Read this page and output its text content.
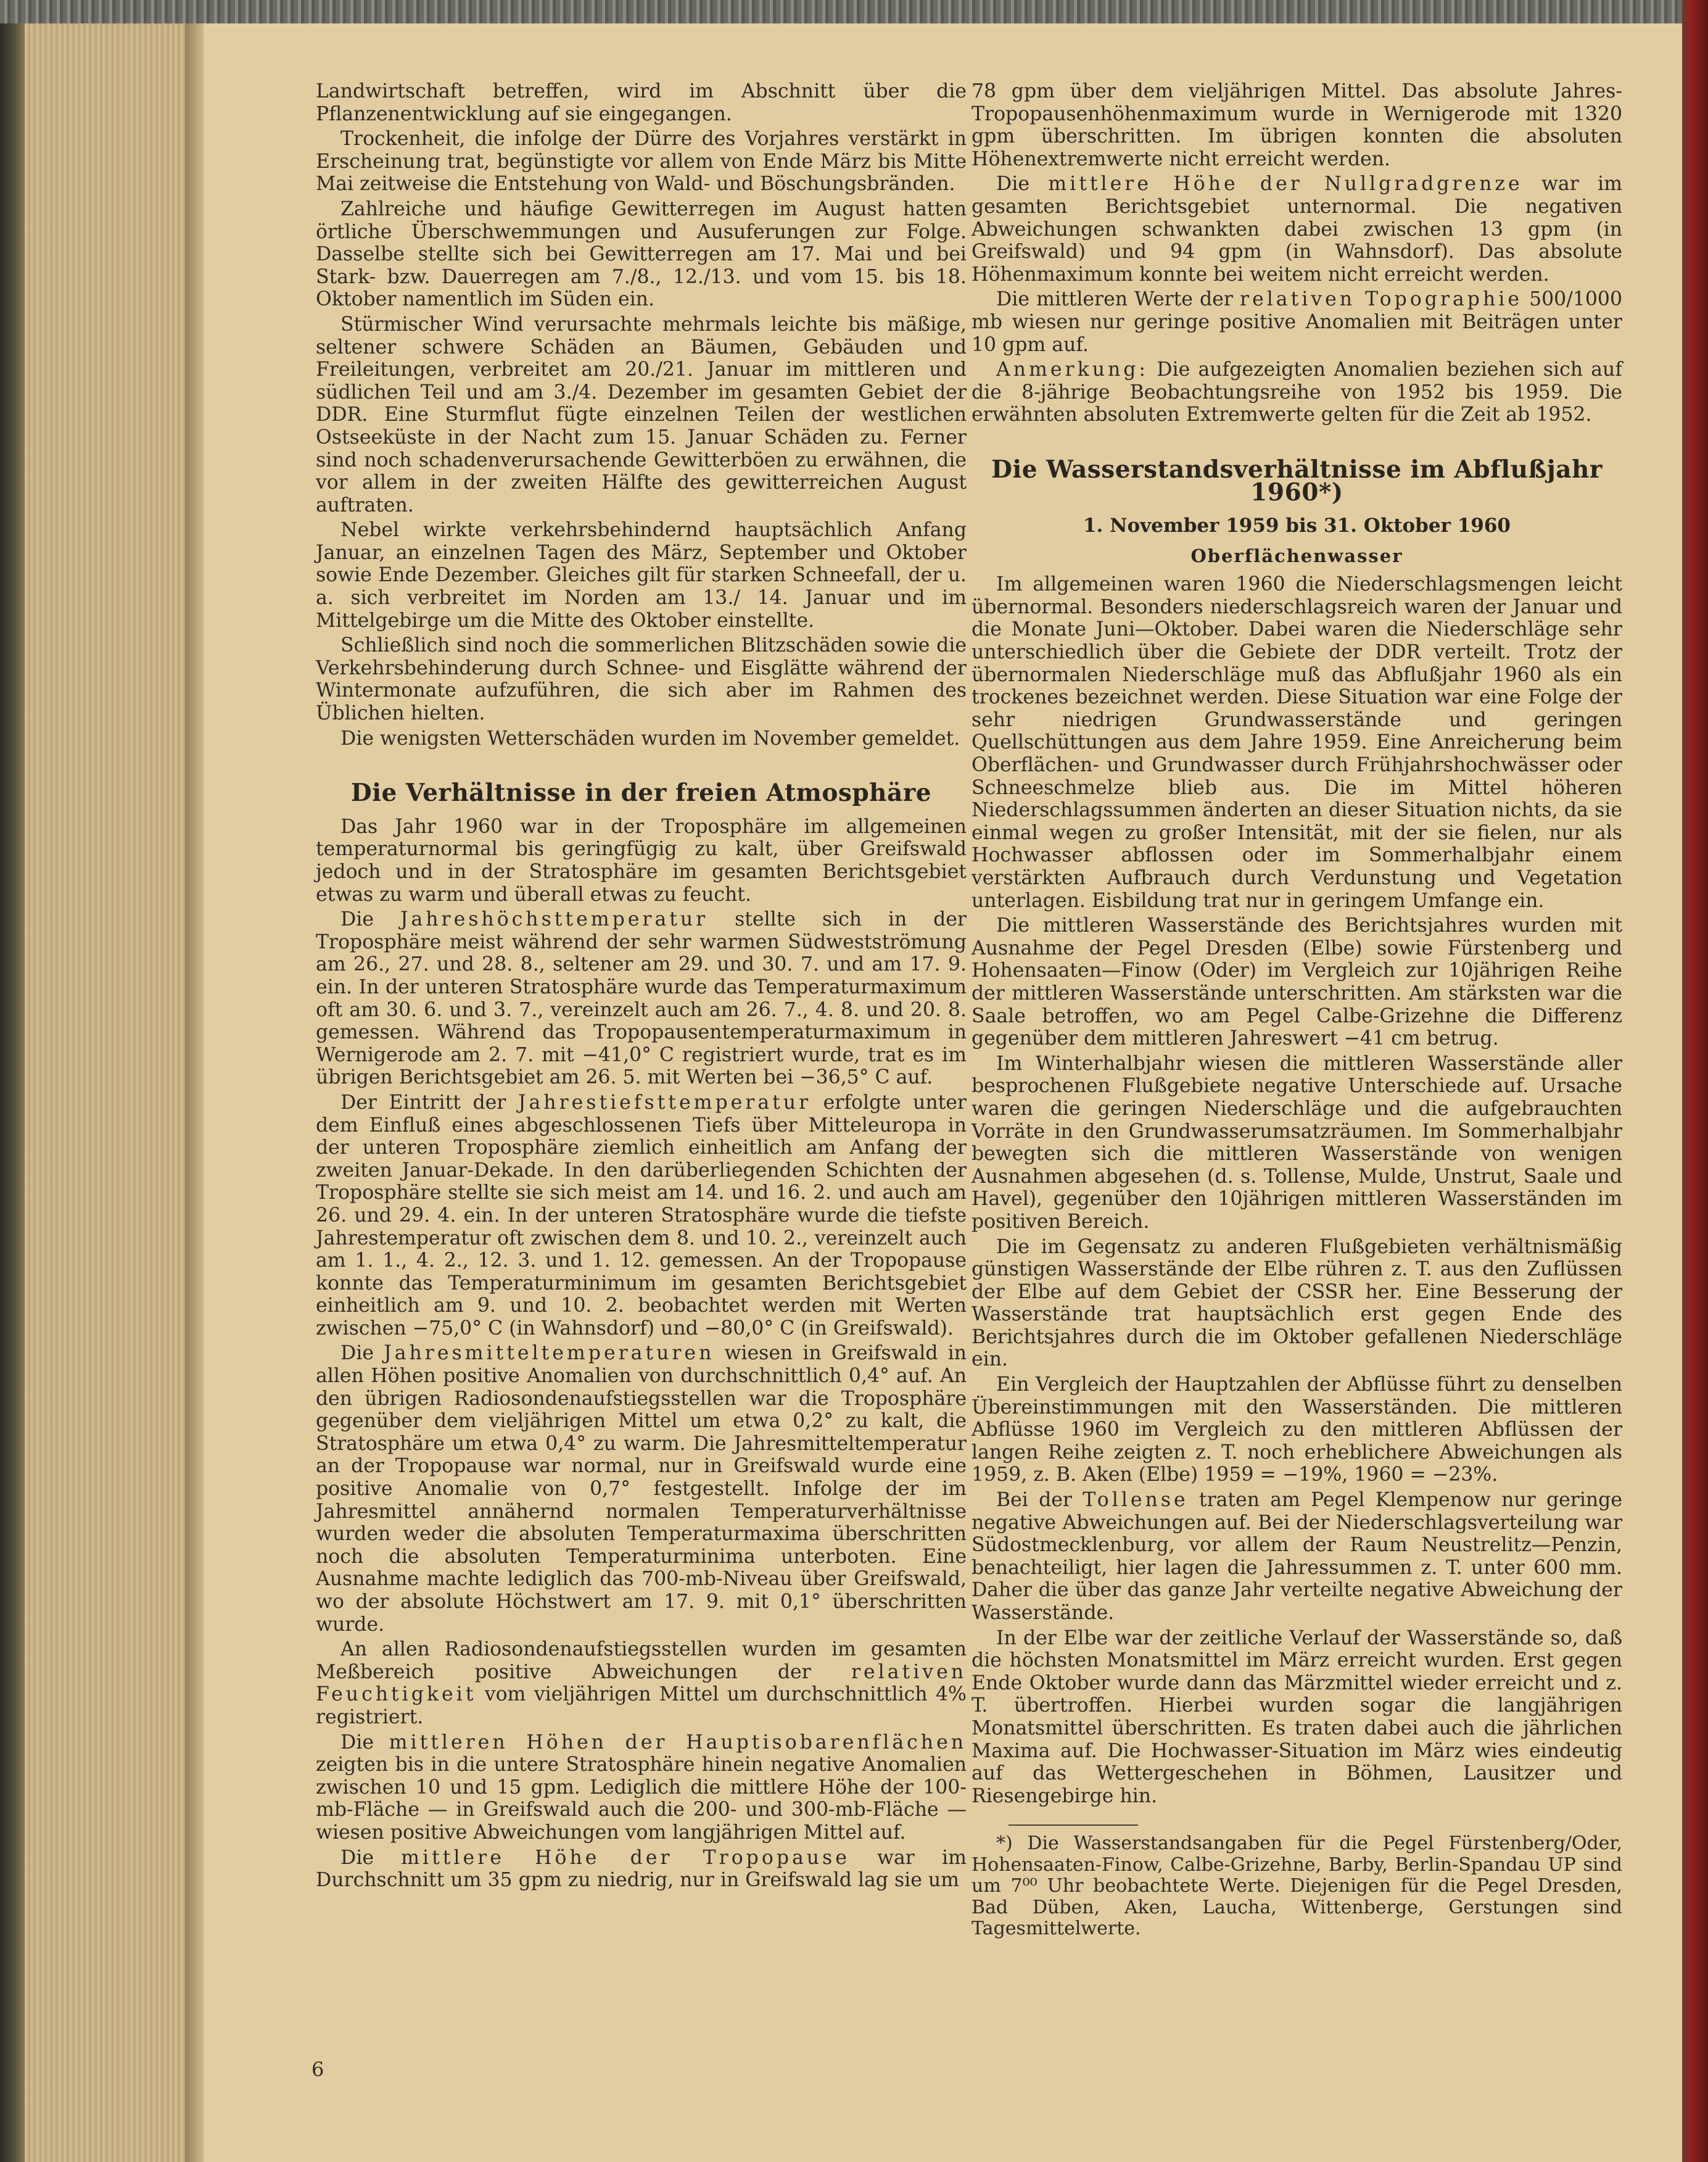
Landwirtschaft betreffen, wird im Abschnitt über die Pflanzenentwicklung auf sie eingegangen.

Trockenheit, die infolge der Dürre des Vorjahres verstärkt in Erscheinung trat, begünstigte vor allem von Ende März bis Mitte Mai zeitweise die Entstehung von Wald- und Böschungsbränden.

Zahlreiche und häufige Gewitterregen im August hatten örtliche Überschwemmungen und Ausuferungen zur Folge. Dasselbe stellte sich bei Gewitterregen am 17. Mai und bei Stark- bzw. Dauerregen am 7./8., 12./13. und vom 15. bis 18. Oktober namentlich im Süden ein.

Stürmischer Wind verursachte mehrmals leichte bis mäßige, seltener schwere Schäden an Bäumen, Gebäuden und Freileitungen, verbreitet am 20./21. Januar im mittleren und südlichen Teil und am 3./4. Dezember im gesamten Gebiet der DDR. Eine Sturmflut fügte einzelnen Teilen der westlichen Ostseeküste in der Nacht zum 15. Januar Schäden zu. Ferner sind noch schadenverursachende Gewitterböen zu erwähnen, die vor allem in der zweiten Hälfte des gewitterreichen August auftraten.

Nebel wirkte verkehrsbehindernd hauptsächlich Anfang Januar, an einzelnen Tagen des März, September und Oktober sowie Ende Dezember. Gleiches gilt für starken Schneefall, der u. a. sich verbreitet im Norden am 13./ 14. Januar und im Mittelgebirge um die Mitte des Oktober einstellte.

Schließlich sind noch die sommerlichen Blitzschäden sowie die Verkehrsbehinderung durch Schnee- und Eisglätte während der Wintermonate aufzuführen, die sich aber im Rahmen des Üblichen hielten.

Die wenigsten Wetterschäden wurden im November gemeldet.

Die Verhältnisse in der freien Atmosphäre

Das Jahr 1960 war in der Troposphäre im allgemeinen temperaturnormal bis geringfügig zu kalt, über Greifswald jedoch und in der Stratosphäre im gesamten Berichtsgebiet etwas zu warm und überall etwas zu feucht.

Die Jahreshöchsttemperatur stellte sich in der Troposphäre meist während der sehr warmen Südwestströmung am 26., 27. und 28. 8., seltener am 29. und 30. 7. und am 17. 9. ein. In der unteren Stratosphäre wurde das Temperaturmaximum oft am 30. 6. und 3. 7., vereinzelt auch am 26. 7., 4. 8. und 20. 8. gemessen. Während das Tropopausentemperaturmaximum in Wernigerode am 2. 7. mit −41,0° C registriert wurde, trat es im übrigen Berichtsgebiet am 26. 5. mit Werten bei −36,5° C auf.

Der Eintritt der Jahrestiefsttemperatur erfolgte unter dem Einfluß eines abgeschlossenen Tiefs über Mitteleuropa in der unteren Troposphäre ziemlich einheitlich am Anfang der zweiten Januar-Dekade. In den darüberliegenden Schichten der Troposphäre stellte sie sich meist am 14. und 16. 2. und auch am 26. und 29. 4. ein. In der unteren Stratosphäre wurde die tiefste Jahrestemperatur oft zwischen dem 8. und 10. 2., vereinzelt auch am 1. 1., 4. 2., 12. 3. und 1. 12. gemessen. An der Tropopause konnte das Temperaturminimum im gesamten Berichtsgebiet einheitlich am 9. und 10. 2. beobachtet werden mit Werten zwischen −75,0° C (in Wahnsdorf) und −80,0° C (in Greifswald).

Die Jahresmitteltemperaturen wiesen in Greifswald in allen Höhen positive Anomalien von durchschnittlich 0,4° auf. An den übrigen Radiosondenaufstiegsstellen war die Troposphäre gegenüber dem vieljährigen Mittel um etwa 0,2° zu kalt, die Stratosphäre um etwa 0,4° zu warm. Die Jahresmitteltemperatur an der Tropopause war normal, nur in Greifswald wurde eine positive Anomalie von 0,7° festgestellt. Infolge der im Jahresmittel annähernd normalen Temperaturverhältnisse wurden weder die absoluten Temperaturmaxima überschritten noch die absoluten Temperaturminima unterboten. Eine Ausnahme machte lediglich das 700-mb-Niveau über Greifswald, wo der absolute Höchstwert am 17. 9. mit 0,1° überschritten wurde.

An allen Radiosondenaufstiegsstellen wurden im gesamten Meßbereich positive Abweichungen der relativen Feuchtigkeit vom vieljährigen Mittel um durchschnittlich 4% registriert.

Die mittleren Höhen der Hauptisobarenflächen zeigten bis in die untere Stratosphäre hinein negative Anomalien zwischen 10 und 15 gpm. Lediglich die mittlere Höhe der 100-mb-Fläche — in Greifswald auch die 200- und 300-mb-Fläche — wiesen positive Abweichungen vom langjährigen Mittel auf.

Die mittlere Höhe der Tropopause war im Durchschnitt um 35 gpm zu niedrig, nur in Greifswald lag sie um

78 gpm über dem vieljährigen Mittel. Das absolute Jahres-Tropopausenhöhenmaximum wurde in Wernigerode mit 1320 gpm überschritten. Im übrigen konnten die absoluten Höhenextremwerte nicht erreicht werden.

Die mittlere Höhe der Nullgradgrenze war im gesamten Berichtsgebiet unternormal. Die negativen Abweichungen schwankten dabei zwischen 13 gpm (in Greifswald) und 94 gpm (in Wahnsdorf). Das absolute Höhenmaximum konnte bei weitem nicht erreicht werden.

Die mittleren Werte der relativen Topographie 500/1000 mb wiesen nur geringe positive Anomalien mit Beiträgen unter 10 gpm auf.

Anmerkung: Die aufgezeigten Anomalien beziehen sich auf die 8-jährige Beobachtungsreihe von 1952 bis 1959. Die erwähnten absoluten Extremwerte gelten für die Zeit ab 1952.

Die Wasserstandsverhältnisse im Abflußjahr 1960*)
1. November 1959 bis 31. Oktober 1960
Oberflächenwasser

Im allgemeinen waren 1960 die Niederschlagsmengen leicht übernormal. Besonders niederschlagsreich waren der Januar und die Monate Juni—Oktober. Dabei waren die Niederschläge sehr unterschiedlich über die Gebiete der DDR verteilt. Trotz der übernormalen Niederschläge muß das Abflußjahr 1960 als ein trockenes bezeichnet werden. Diese Situation war eine Folge der sehr niedrigen Grundwasserstände und geringen Quellschüttungen aus dem Jahre 1959. Eine Anreicherung beim Oberflächen- und Grundwasser durch Frühjahrshochwässer oder Schneeschmelze blieb aus. Die im Mittel höheren Niederschlagssummen änderten an dieser Situation nichts, da sie einmal wegen zu großer Intensität, mit der sie fielen, nur als Hochwasser abflossen oder im Sommerhalbjahr einem verstärkten Aufbrauch durch Verdunstung und Vegetation unterlagen. Eisbildung trat nur in geringem Umfange ein.

Die mittleren Wasserstände des Berichtsjahres wurden mit Ausnahme der Pegel Dresden (Elbe) sowie Fürstenberg und Hohensaaten—Finow (Oder) im Vergleich zur 10jährigen Reihe der mittleren Wasserstände unterschritten. Am stärksten war die Saale betroffen, wo am Pegel Calbe-Grizehne die Differenz gegenüber dem mittleren Jahreswert −41 cm betrug.

Im Winterhalbjahr wiesen die mittleren Wasserstände aller besprochenen Flußgebiete negative Unterschiede auf. Ursache waren die geringen Niederschläge und die aufgebrauchten Vorräte in den Grundwasserumsatzräumen. Im Sommerhalbjahr bewegten sich die mittleren Wasserstände von wenigen Ausnahmen abgesehen (d. s. Tollense, Mulde, Unstrut, Saale und Havel), gegenüber den 10jährigen mittleren Wasserständen im positiven Bereich.

Die im Gegensatz zu anderen Flußgebieten verhältnismäßig günstigen Wasserstände der Elbe rühren z. T. aus den Zuflüssen der Elbe auf dem Gebiet der CSSR her. Eine Besserung der Wasserstände trat hauptsächlich erst gegen Ende des Berichtsjahres durch die im Oktober gefallenen Niederschläge ein.

Ein Vergleich der Hauptzahlen der Abflüsse führt zu denselben Übereinstimmungen mit den Wasserständen. Die mittleren Abflüsse 1960 im Vergleich zu den mittleren Abflüssen der langen Reihe zeigten z. T. noch erheblichere Abweichungen als 1959, z. B. Aken (Elbe) 1959 = −19%, 1960 = −23%.

Bei der Tollense traten am Pegel Klempenow nur geringe negative Abweichungen auf. Bei der Niederschlagsverteilung war Südostmecklenburg, vor allem der Raum Neustrelitz—Penzin, benachteiligt, hier lagen die Jahressummen z. T. unter 600 mm. Daher die über das ganze Jahr verteilte negative Abweichung der Wasserstände.

In der Elbe war der zeitliche Verlauf der Wasserstände so, daß die höchsten Monatsmittel im März erreicht wurden. Erst gegen Ende Oktober wurde dann das Märzmittel wieder erreicht und z. T. übertroffen. Hierbei wurden sogar die langjährigen Monatsmittel überschritten. Es traten dabei auch die jährlichen Maxima auf. Die Hochwasser-Situation im März wies eindeutig auf das Wettergeschehen in Böhmen, Lausitzer und Riesengebirge hin.

*) Die Wasserstandsangaben für die Pegel Fürstenberg/Oder, Hohensaaten-Finow, Calbe-Grizehne, Barby, Berlin-Spandau UP sind um 7⁰⁰ Uhr beobachtete Werte. Diejenigen für die Pegel Dresden, Bad Düben, Aken, Laucha, Wittenberge, Gerstungen sind Tagesmittelwerte.

6
